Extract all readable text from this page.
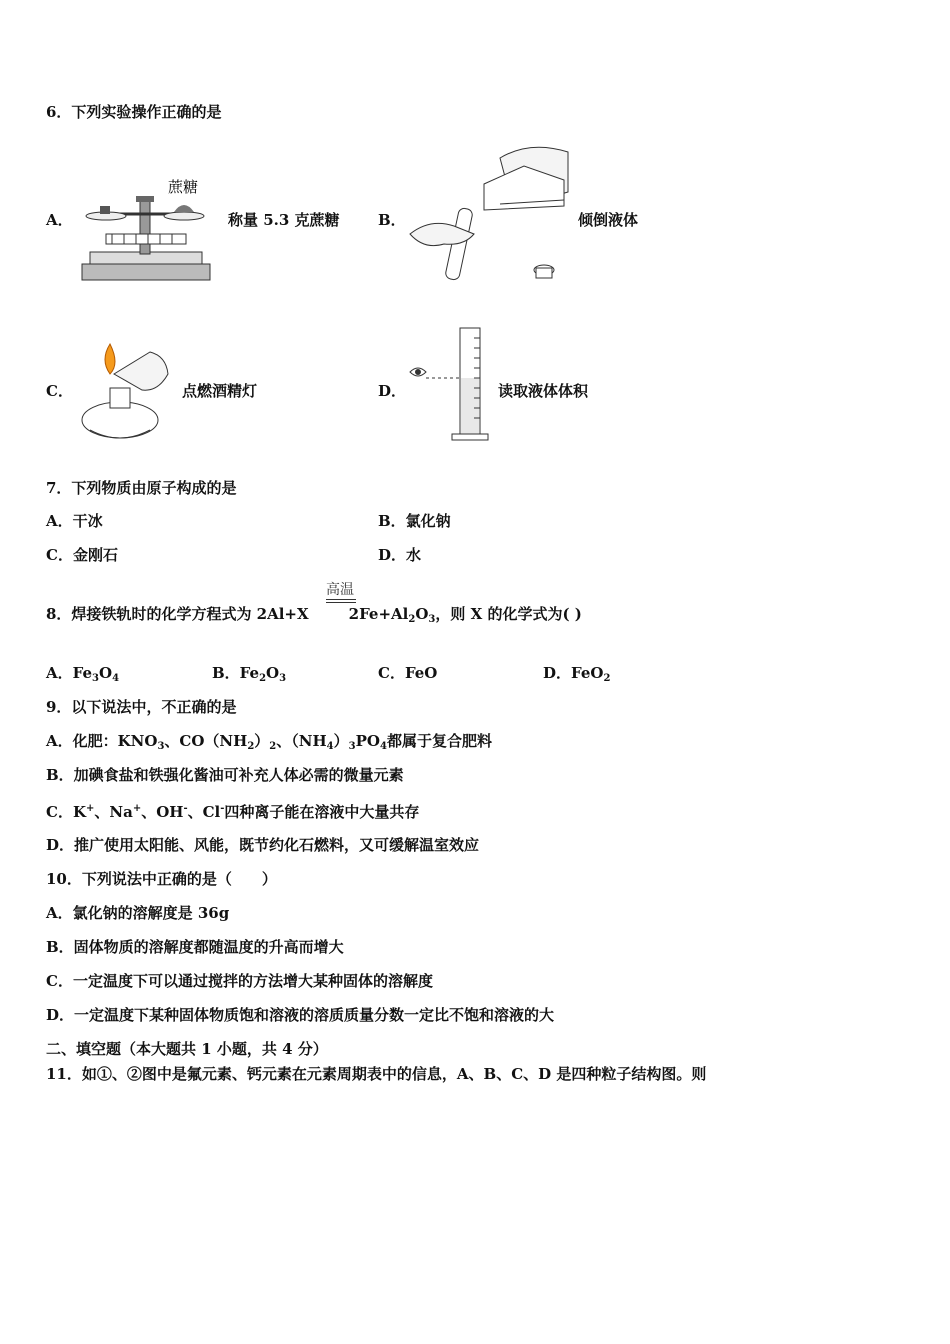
6．下列实验操作正确的是
A．
蔗糖
称量 5.3 克蔗糖	B．	倾倒液体
C．	点燃酒精灯	D．	读取液体体积
7．下列物质由原子构成的是
A．干冰	B．氯化钠
C．金刚石	D．水
高温
8．焊接铁轨时的化学方程式为 2Al+X	$2Fe+Al_2O_3$，则 X 的化学式为( )
A．$Fe_3O_4$	B．$Fe_2O_3$	C．FeO	D．FeO$_2$
9．以下说法中，不正确的是
A．化肥：$KNO_3$、$CO(NH_2)_2$、$(NH_4)_3PO_4$都属于复合肥料
B．加碘食盐和铁强化酱油可补充人体必需的微量元素
C．K+、Na+、OH-、Cl-四种离子能在溶液中大量共存
D．推广使用太阳能、风能，既节约化石燃料，又可缓解温室效应
10．下列说法中正确的是（　　）
A．氯化钠的溶解度是 36g
B．固体物质的溶解度都随温度的升高而增大
C．一定温度下可以通过搅拌的方法增大某种固体的溶解度
D．一定温度下某种固体物质饱和溶液的溶质质量分数一定比不饱和溶液的大
二、填空题（本大题共 1 小题，共 4 分）
11．如①、②图中是氟元素、钙元素在元素周期表中的信息，A、B、C、D 是四种粒子结构图。则
